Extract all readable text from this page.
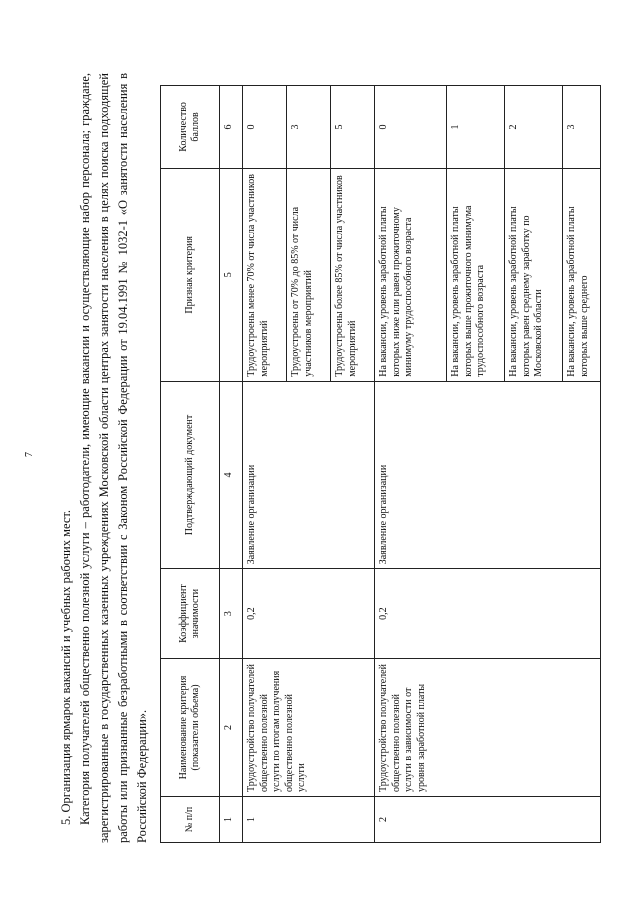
7
5. Организация ярмарок вакансий и учебных рабочих мест. Категория получателей общественно полезной услуги – работодатели, имеющие вакансии и осуществляющие набор персонала; граждане, зарегистрированные в государственных казенных учреждениях Московской области центрах занятости населения в целях поиска подходящей работы или признанные безработными в соответствии с Законом Российской Федерации от 19.04.1991 № 1032-1 «О занятости населения в Российской Федерации».	№ п/п	Наименование критерия (показатели объема)	Коэффициент значимости	Подтверждающий документ	Признак критерия	Количество баллов
1	2	3	4	5	6
1	Трудоустройство получателей общественно полезной услуги по итогам получения общественно полезной услуги	0,2	Заявление организации	Трудоустроены менее 70% от числа участников мероприятий	0
				Трудоустроены от 70% до 85% от числа участников мероприятий	3
				Трудоустроены более 85% от числа участников мероприятий	5
2	Трудоустройство получателей общественно полезной услуги в зависимости от уровня заработной платы	0,2	Заявление организации	На вакансии, уровень заработной платы которых ниже или равен прожиточному минимуму трудоспособного возраста	0
				На вакансии, уровень заработной платы которых выше прожиточного минимума трудоспособного возраста	1
				На вакансии, уровень заработной платы которых равен среднему заработку по Московской области	2
				На вакансии, уровень заработной платы которых выше среднего	3
